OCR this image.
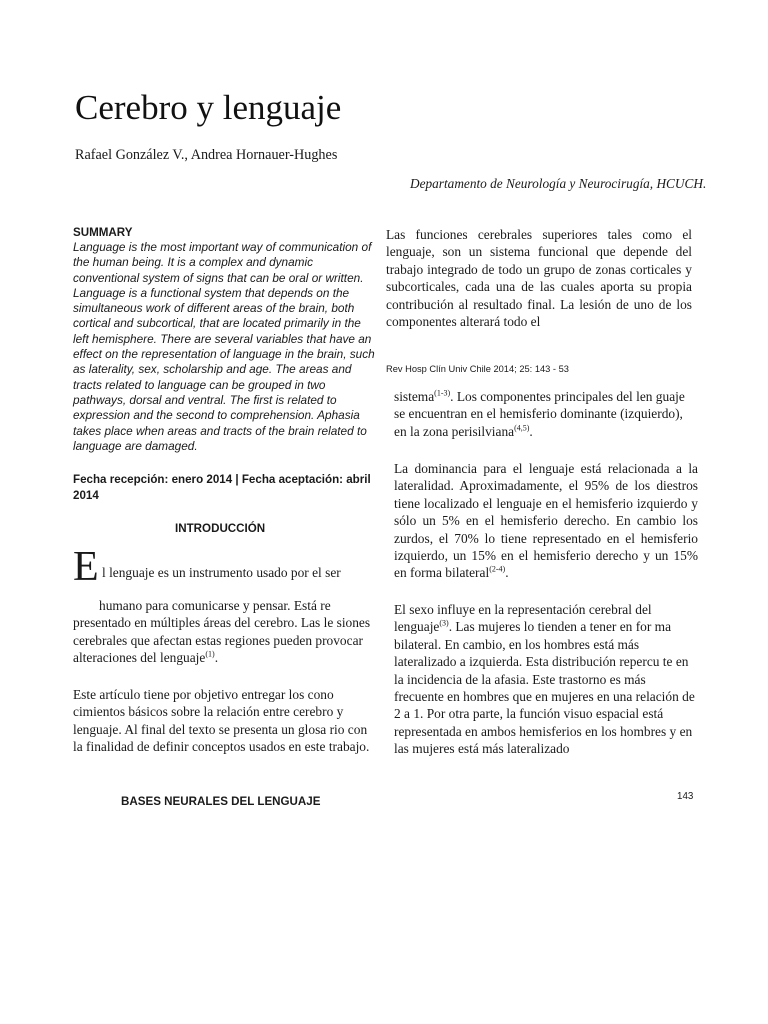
Cerebro y lenguaje
Rafael González V., Andrea Hornauer-Hughes
Departamento de Neurología y Neurocirugía, HCUCH.
SUMMARY

Language is the most important way of communication of the human being. It is a complex and dynamic conventional system of signs that can be oral or written. Language is a functional system that depends on the simultaneous work of different areas of the brain, both cortical and subcortical, that are located primarily in the left hemisphere. There are several variables that have an effect on the representation of language in the brain, such as laterality, sex, scholarship and age. The areas and tracts related to language can be grouped in two pathways, dorsal and ventral. The first is related to expression and the second to comprehension. Aphasia takes place when areas and tracts of the brain related to language are damaged.

Fecha recepción: enero 2014 | Fecha aceptación: abril 2014

INTRODUCCIÓN
E l lenguaje es un instrumento usado por el ser

humano para comunicarse y pensar. Está re presentado en múltiples áreas del cerebro. Las le siones cerebrales que afectan estas regiones pueden provocar alteraciones del lenguaje$^{(1)}$.

Este artículo tiene por objetivo entregar los cono cimientos básicos sobre la relación entre cerebro y lenguaje. Al final del texto se presenta un glosa rio con la finalidad de definir conceptos usados en este trabajo.

BASES NEURALES DEL LENGUAJE

Las funciones cerebrales superiores tales como el lenguaje, son un sistema funcional que depende del trabajo integrado de todo un grupo de zonas corticales y subcorticales, cada una de las cuales aporta su propia contribución al resultado final. La lesión de uno de los componentes alterará todo el

Rev Hosp Clín Univ Chile 2014; 25: 143 - 53

sistema$^{(1-3)}$. Los componentes principales del len guaje se encuentran en el hemisferio dominante (izquierdo), en la zona perisilviana$^{(4,5)}$.

La dominancia para el lenguaje está relacionada a la lateralidad. Aproximadamente, el 95% de los diestros tiene localizado el lenguaje en el hemisferio izquierdo y sólo un 5% en el hemisferio derecho. En cambio los zurdos, el 70% lo tiene representado en el hemisferio izquierdo, un 15% en el hemisferio derecho y un 15% en forma bilateral$^{(2-4)}$.

El sexo influye en la representación cerebral del lenguaje$^{(3)}$. Las mujeres lo tienden a tener en for ma bilateral. En cambio, en los hombres está más lateralizado a izquierda. Esta distribución repercu te en la incidencia de la afasia. Este trastorno es más frecuente en hombres que en mujeres en una relación de 2 a 1. Por otra parte, la función visuo espacial está representada en ambos hemisferios en los hombres y en las mujeres está más lateralizado

143
